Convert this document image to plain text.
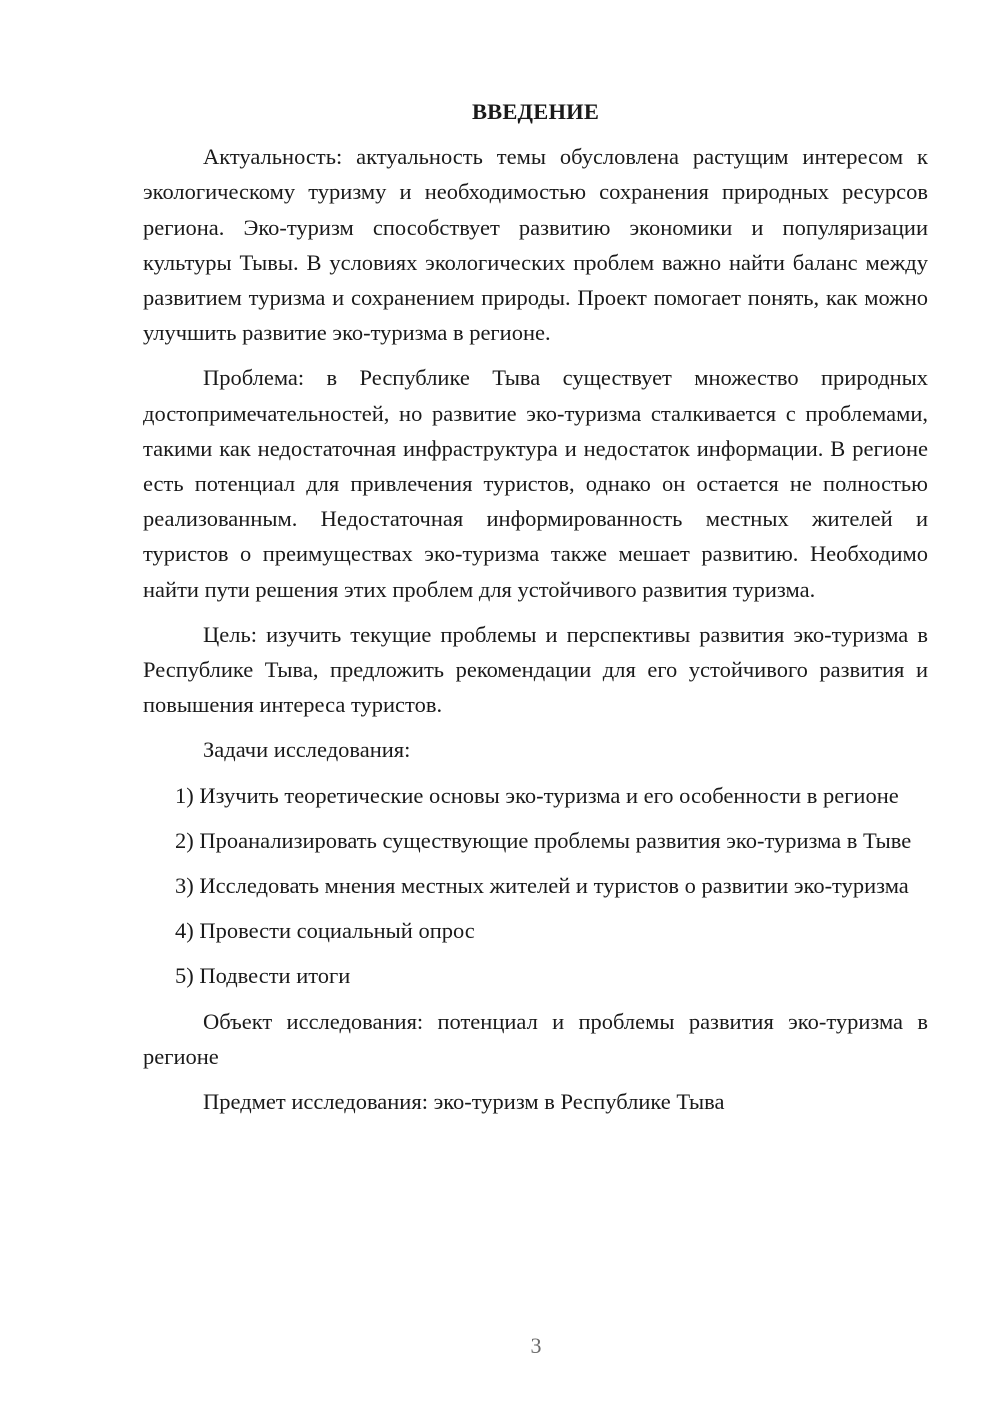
ВВЕДЕНИЕ

Актуальность: актуальность темы обусловлена растущим интересом к экологическому туризму и необходимостью сохранения природных ресурсов региона. Эко-туризм способствует развитию экономики и популяризации культуры Тывы. В условиях экологических проблем важно найти баланс между развитием туризма и сохранением природы. Проект помогает понять, как можно улучшить развитие эко-туризма в регионе.

Проблема: в Республике Тыва существует множество природных достопримечательностей, но развитие эко-туризма сталкивается с проблемами, такими как недостаточная инфраструктура и недостаток информации. В регионе есть потенциал для привлечения туристов, однако он остается не полностью реализованным. Недостаточная информированность местных жителей и туристов о преимуществах эко-туризма также мешает развитию. Необходимо найти пути решения этих проблем для устойчивого развития туризма.

Цель: изучить текущие проблемы и перспективы развития эко-туризма в Республике Тыва, предложить рекомендации для его устойчивого развития и повышения интереса туристов.

Задачи исследования:

1) Изучить теоретические основы эко-туризма и его особенности в регионе

2) Проанализировать существующие проблемы развития эко-туризма в Тыве

3) Исследовать мнения местных жителей и туристов о развитии эко-туризма

4) Провести социальный опрос

5) Подвести итоги

Объект исследования: потенциал и проблемы развития эко-туризма в регионе

Предмет исследования: эко-туризм в Республике Тыва

3
